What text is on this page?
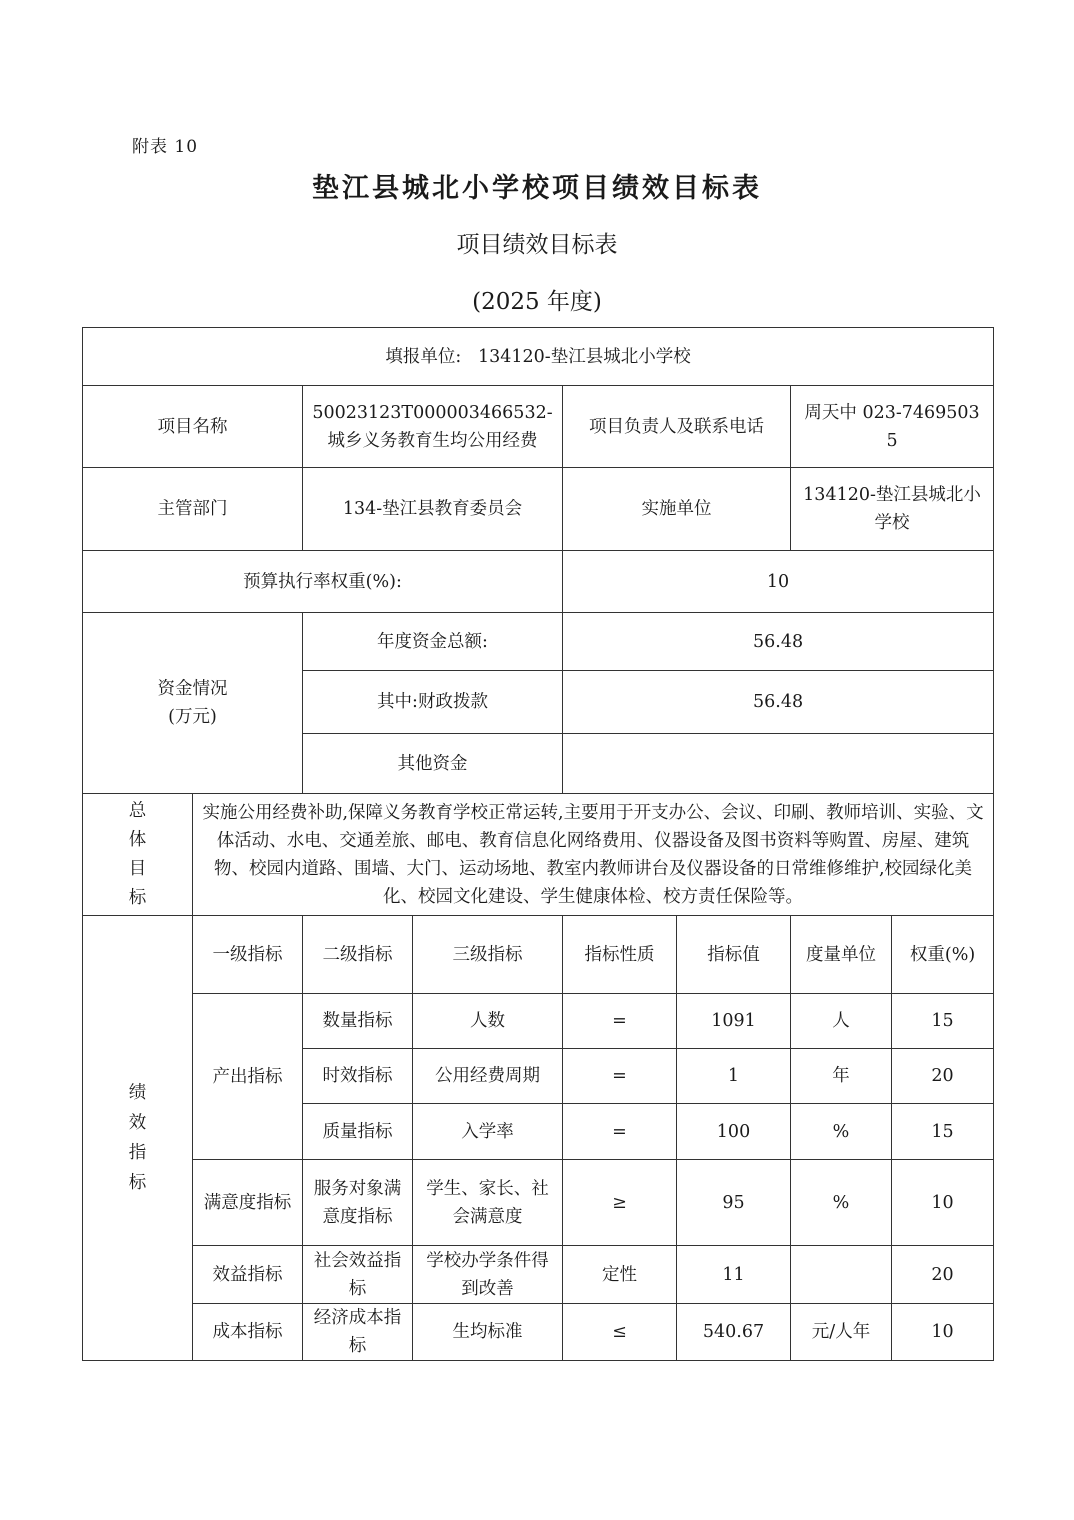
附表 10
垫江县城北小学校项目绩效目标表
项目绩效目标表
(2025 年度)
填报单位: 134120-垫江县城北小学校							
项目名称		50023123T000003466532-城乡义务教育生均公用经费		项目负责人及联系电话		周天中 023-74695035	
主管部门		134-垫江县教育委员会		实施单位		134120-垫江县城北小学校	
预算执行率权重(%):				10			

资金情况
(万元)		年度资金总额:		56.48			
		其中:财政拨款		56.48			
		其他资金					
总体目标	实施公用经费补助,保障义务教育学校正常运转,主要用于开支办公、会议、印刷、教师培训、实验、文体活动、水电、交通差旅、邮电、教育信息化网络费用、仪器设备及图书资料等购置、房屋、建筑物、校园内道路、围墙、大门、运动场地、教室内教师讲台及仪器设备的日常维修维护,校园绿化美化、校园文化建设、学生健康体检、校方责任保险等。						
绩效指标	一级指标	二级指标	三级指标	指标性质	指标值	度量单位	权重(%)
	产出指标	数量指标	人数	=	1091	人	15
		时效指标	公用经费周期	=	1	年	20
		质量指标	入学率	=	100	%	15
	满意度指标	服务对象满意度指标	学生、家长、社会满意度	≥	95	%	10
	效益指标	社会效益指标	学校办学条件得到改善	定性	11		20
	成本指标	经济成本指标	生均标准	≤	540.67	元/人年	10
